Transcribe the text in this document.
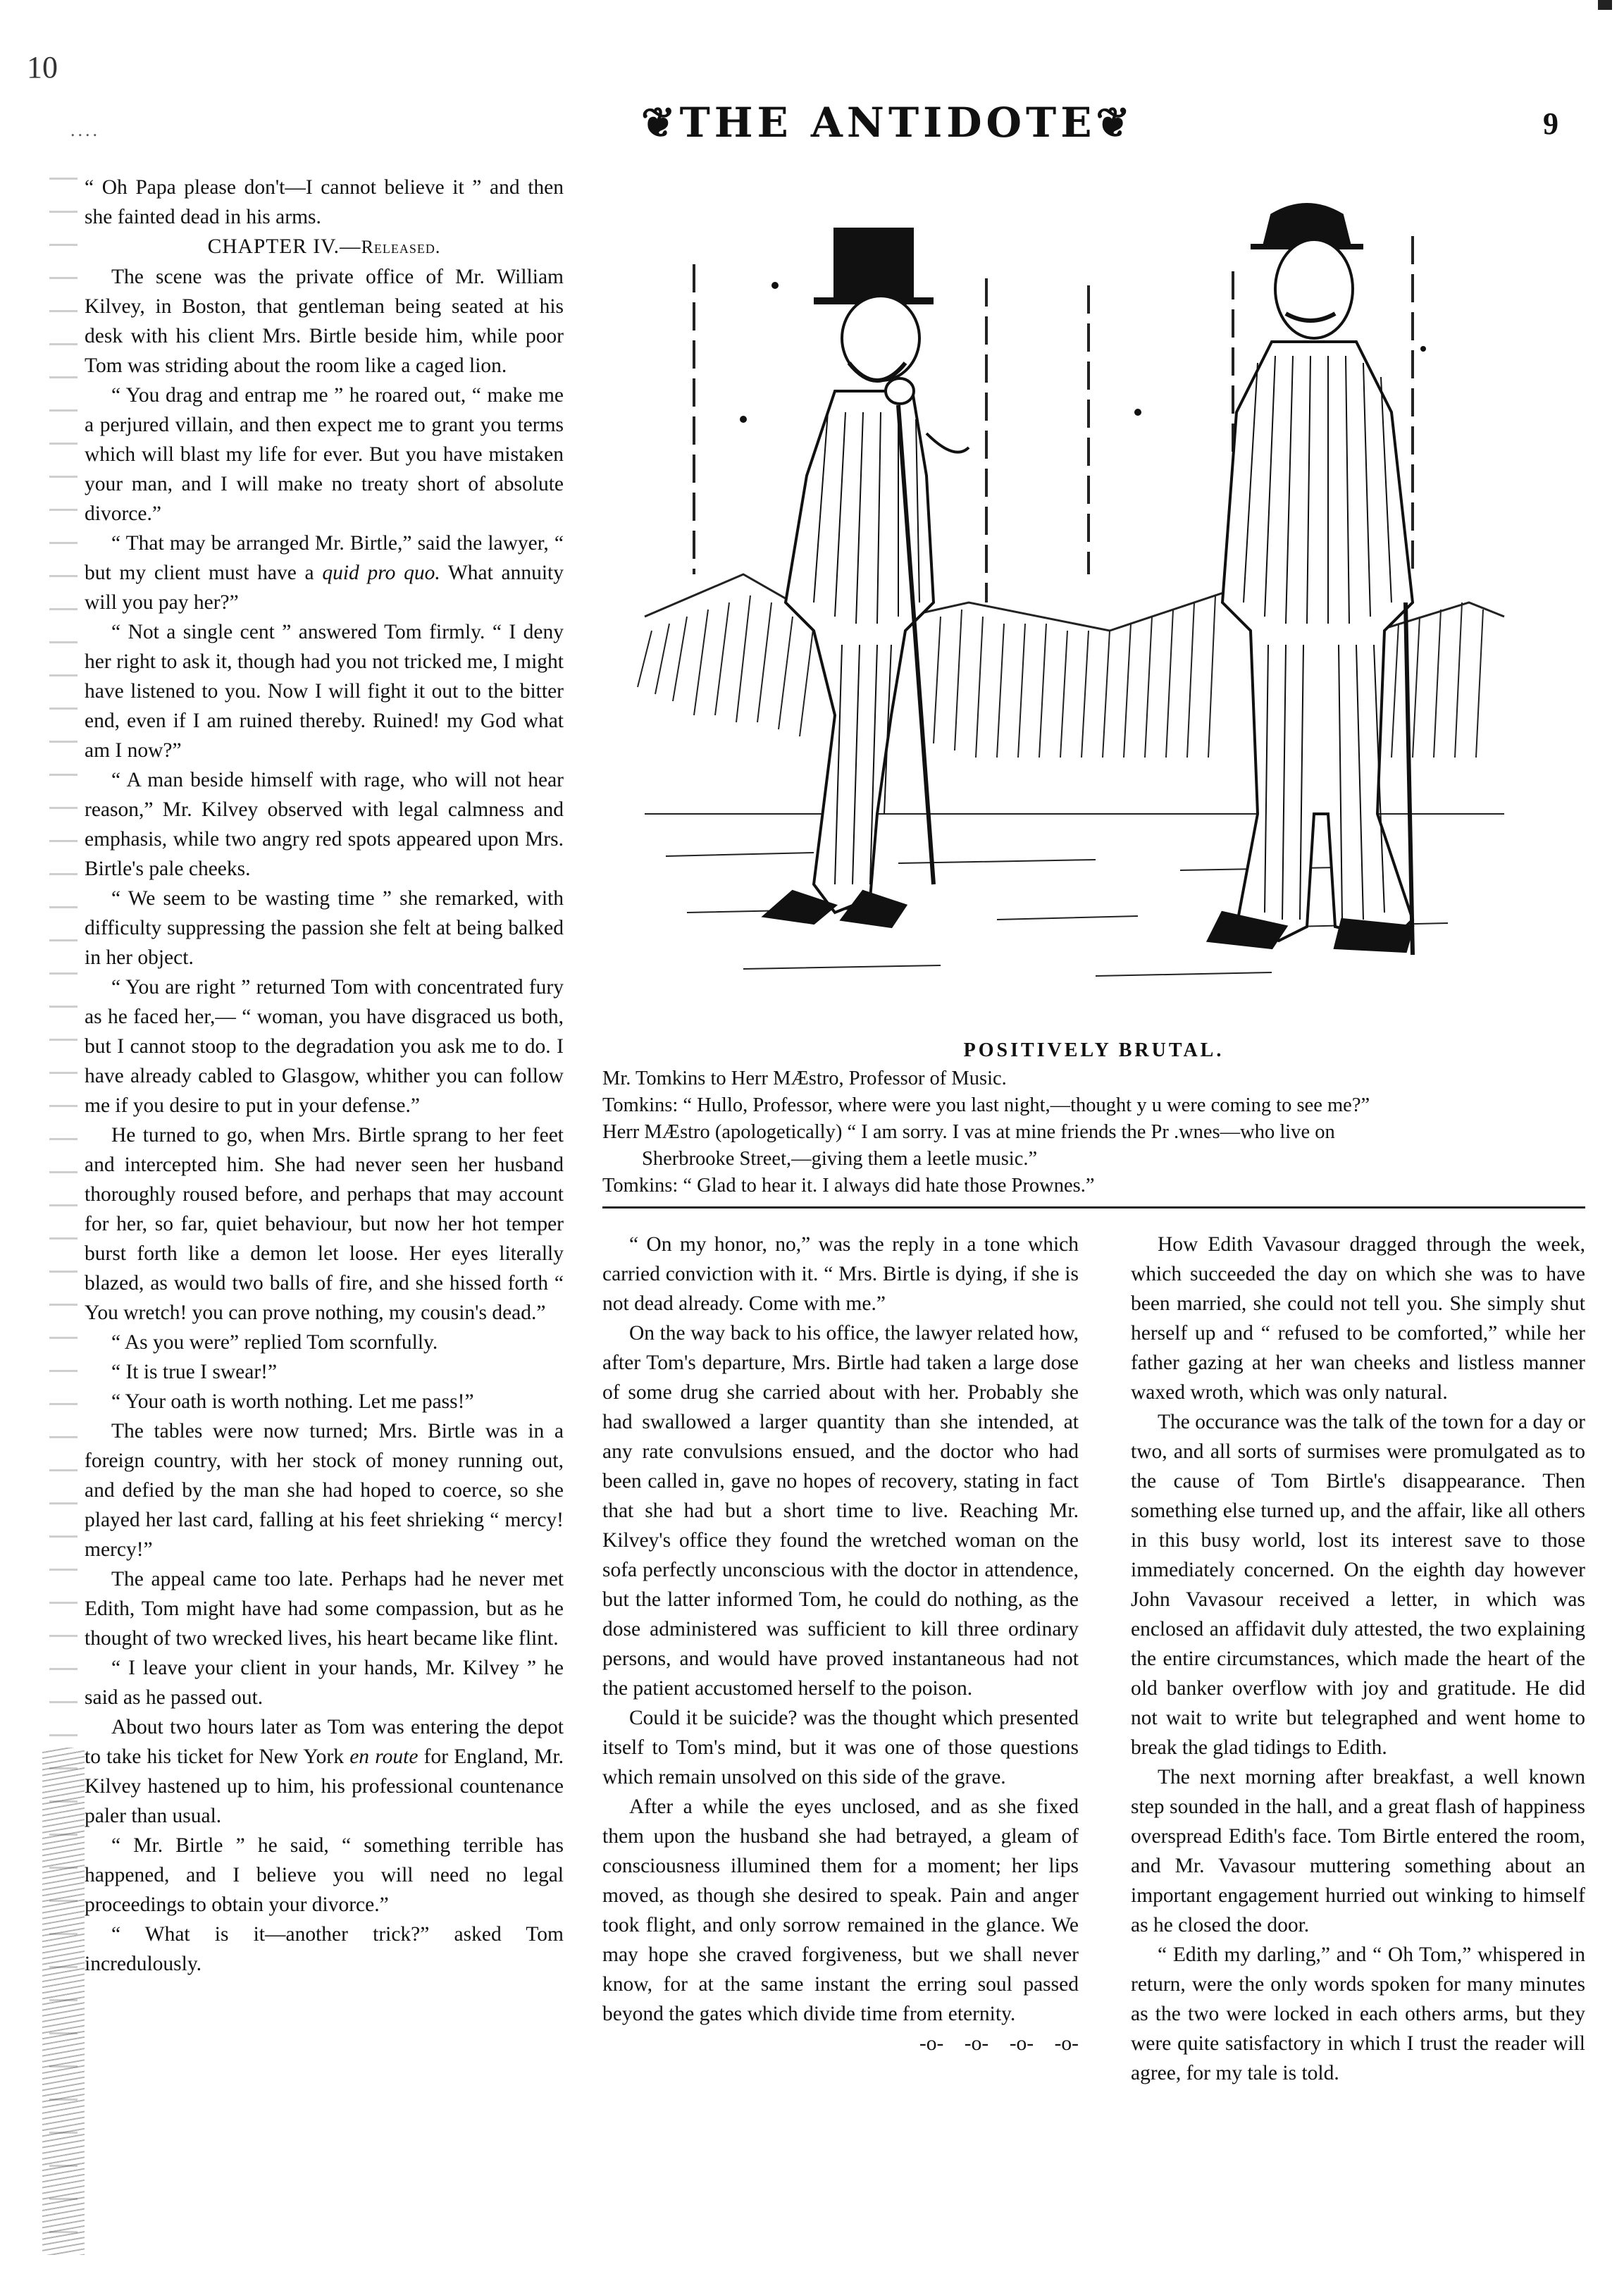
10
....	❦THE ANTIDOTE❦	9

“ Oh Papa please don't—I cannot believe it ” and then she fainted dead in his arms.

CHAPTER IV.—Released.

The scene was the private office of Mr. William Kilvey, in Boston, that gentleman being seated at his desk with his client Mrs. Birtle beside him, while poor Tom was striding about the room like a caged lion.

“ You drag and entrap me ” he roared out, “ make me a perjured villain, and then expect me to grant you terms which will blast my life for ever. But you have mistaken your man, and I will make no treaty short of absolute divorce.”

“ That may be arranged Mr. Birtle,” said the lawyer, “ but my client must have a quid pro quo. What annuity will you pay her?”

“ Not a single cent ” answered Tom firmly. “ I deny her right to ask it, though had you not tricked me, I might have listened to you. Now I will fight it out to the bitter end, even if I am ruined thereby. Ruined! my God what am I now?”

“ A man beside himself with rage, who will not hear reason,” Mr. Kilvey observed with legal calmness and emphasis, while two angry red spots appeared upon Mrs. Birtle's pale cheeks.

“ We seem to be wasting time ” she remarked, with difficulty suppressing the passion she felt at being balked in her object.

“ You are right ” returned Tom with concentrated fury as he faced her,— “ woman, you have disgraced us both, but I cannot stoop to the degradation you ask me to do. I have already cabled to Glasgow, whither you can follow me if you desire to put in your defense.”

He turned to go, when Mrs. Birtle sprang to her feet and intercepted him. She had never seen her husband thoroughly roused before, and perhaps that may account for her, so far, quiet behaviour, but now her hot temper burst forth like a demon let loose. Her eyes literally blazed, as would two balls of fire, and she hissed forth “ You wretch! you can prove nothing, my cousin's dead.”

“ As you were” replied Tom scornfully.

“ It is true I swear!”

“ Your oath is worth nothing. Let me pass!”

The tables were now turned; Mrs. Birtle was in a foreign country, with her stock of money running out, and defied by the man she had hoped to coerce, so she played her last card, falling at his feet shrieking “ mercy! mercy!”

The appeal came too late. Perhaps had he never met Edith, Tom might have had some compassion, but as he thought of two wrecked lives, his heart became like flint.

“ I leave your client in your hands, Mr. Kilvey ” he said as he passed out.

About two hours later as Tom was entering the depot to take his ticket for New York en route for England, Mr. Kilvey hastened up to him, his professional countenance paler than usual.

“ Mr. Birtle ” he said, “ something terrible has happened, and I believe you will need no legal proceedings to obtain your divorce.”

“ What is it—another trick?” asked Tom incredulously.

POSITIVELY BRUTAL.
Mr. Tomkins to Herr MÆstro, Professor of Music.
Tomkins: “ Hullo, Professor, where were you last night,—thought y u were coming to see me?”
Herr MÆstro (apologetically) “ I am sorry. I vas at mine friends the Pr .wnes—who live on
Sherbrooke Street,—giving them a leetle music.”
Tomkins: “ Glad to hear it. I always did hate those Prownes.”

“ On my honor, no,” was the reply in a tone which carried conviction with it. “ Mrs. Birtle is dying, if she is not dead already. Come with me.”

On the way back to his office, the lawyer related how, after Tom's departure, Mrs. Birtle had taken a large dose of some drug she carried about with her. Probably she had swallowed a larger quantity than she intended, at any rate convulsions ensued, and the doctor who had been called in, gave no hopes of recovery, stating in fact that she had but a short time to live. Reaching Mr. Kilvey's office they found the wretched woman on the sofa perfectly unconscious with the doctor in attendence, but the latter informed Tom, he could do nothing, as the dose administered was sufficient to kill three ordinary persons, and would have proved instantaneous had not the patient accustomed herself to the poison.

Could it be suicide? was the thought which presented itself to Tom's mind, but it was one of those questions which remain unsolved on this side of the grave.

After a while the eyes unclosed, and as she fixed them upon the husband she had betrayed, a gleam of consciousness illumined them for a moment; her lips moved, as though she desired to speak. Pain and anger took flight, and only sorrow remained in the glance. We may hope she craved forgiveness, but we shall never know, for at the same instant the erring soul passed beyond the gates which divide time from eternity.

-o-    -o-    -o-    -o-

How Edith Vavasour dragged through the week, which succeeded the day on which she was to have been married, she could not tell you. She simply shut herself up and “ refused to be comforted,” while her father gazing at her wan cheeks and listless manner waxed wroth, which was only natural.

The occurance was the talk of the town for a day or two, and all sorts of surmises were promulgated as to the cause of Tom Birtle's disappearance. Then something else turned up, and the affair, like all others in this busy world, lost its interest save to those immediately concerned. On the eighth day however John Vavasour received a letter, in which was enclosed an affidavit duly attested, the two explaining the entire circumstances, which made the heart of the old banker overflow with joy and gratitude. He did not wait to write but telegraphed and went home to break the glad tidings to Edith.

The next morning after breakfast, a well known step sounded in the hall, and a great flash of happiness overspread Edith's face. Tom Birtle entered the room, and Mr. Vavasour muttering something about an important engagement hurried out winking to himself as he closed the door.

“ Edith my darling,” and “ Oh Tom,” whispered in return, were the only words spoken for many minutes as the two were locked in each others arms, but they were quite satisfactory in which I trust the reader will agree, for my tale is told.
